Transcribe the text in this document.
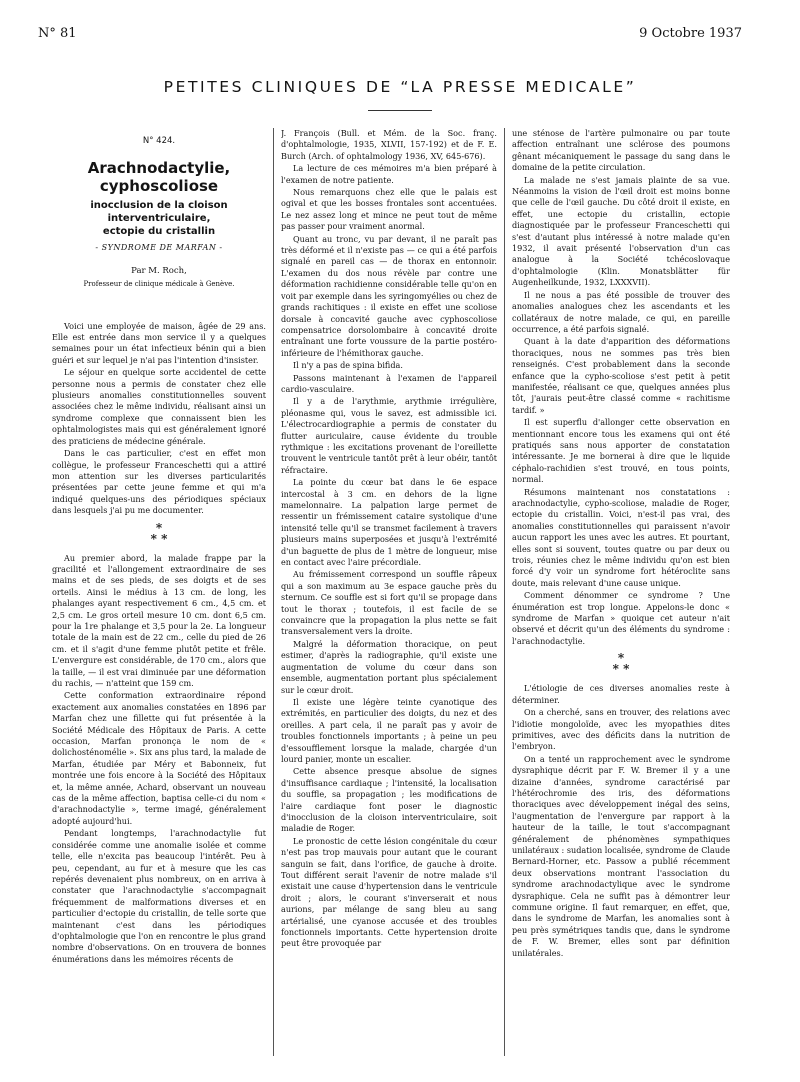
N° 81	9 Octobre 1937
PETITES CLINIQUES DE “LA PRESSE MEDICALE”
N° 424.
Arachnodactylie, cyphoscoliose
inocclusion de la cloison
interventriculaire,
ectopie du cristallin
- SYNDROME DE MARFAN -
Par M. Roch,
Professeur de clinique médicale à Genève.

Voici une employée de maison, âgée de 29 ans. Elle est entrée dans mon service il y a quelques semaines pour un état infectieux bénin qui a bien guéri et sur lequel je n'ai pas l'intention d'insister.

Le séjour en quelque sorte accidentel de cette personne nous a permis de constater chez elle plusieurs anomalies constitutionnelles souvent associées chez le même individu, réalisant ainsi un syndrome complexe que connaissent bien les ophtalmologistes mais qui est généralement ignoré des praticiens de médecine générale.

Dans le cas particulier, c'est en effet mon collègue, le professeur Franceschetti qui a attiré mon attention sur les diverses particularités présentées par cette jeune femme et qui m'a indiqué quelques-uns des périodiques spéciaux dans lesquels j'ai pu me documenter.

*
* *

Au premier abord, la malade frappe par la gracilité et l'allongement extraordinaire de ses mains et de ses pieds, de ses doigts et de ses orteils. Ainsi le médius à 13 cm. de long, les phalanges ayant respectivement 6 cm., 4,5 cm. et 2,5 cm. Le gros orteil mesure 10 cm. dont 6,5 cm. pour la 1re phalange et 3,5 pour la 2e. La longueur totale de la main est de 22 cm., celle du pied de 26 cm. et il s'agit d'une femme plutôt petite et frêle. L'envergure est considérable, de 170 cm., alors que la taille, — il est vrai diminuée par une déformation du rachis, — n'atteint que 159 cm.

Cette conformation extraordinaire répond exactement aux anomalies constatées en 1896 par Marfan chez une fillette qui fut présentée à la Société Médicale des Hôpitaux de Paris. A cette occasion, Marfan prononça le nom de « dolichosténomélie ». Six ans plus tard, la malade de Marfan, étudiée par Méry et Babonneix, fut montrée une fois encore à la Société des Hôpitaux et, la même année, Achard, observant un nouveau cas de la même affection, baptisa celle-ci du nom « d'arachnodactylie », terme imagé, généralement adopté aujourd'hui.

Pendant longtemps, l'arachnodactylie fut considérée comme une anomalie isolée et comme telle, elle n'excita pas beaucoup l'intérêt. Peu à peu, cependant, au fur et à mesure que les cas repérés devenaient plus nombreux, on en arriva à constater que l'arachnodactylie s'accompagnait fréquemment de malformations diverses et en particulier d'ectopie du cristallin, de telle sorte que maintenant c'est dans les périodiques d'ophtalmologie que l'on en rencontre le plus grand nombre d'observations. On en trouvera de bonnes énumérations dans les mémoires récents de

J. François (Bull. et Mém. de la Soc. franç. d'ophtalmologie, 1935, XLVII, 157-192) et de F. E. Burch (Arch. of ophtalmology 1936, XV, 645-676).

La lecture de ces mémoires m'a bien préparé à l'examen de notre patiente.

Nous remarquons chez elle que le palais est ogival et que les bosses frontales sont accentuées. Le nez assez long et mince ne peut tout de même pas passer pour vraiment anormal.

Quant au tronc, vu par devant, il ne paraît pas très déformé et il n'existe pas — ce qui a été parfois signalé en pareil cas — de thorax en entonnoir. L'examen du dos nous révèle par contre une déformation rachidienne considérable telle qu'on en voit par exemple dans les syringomyélies ou chez de grands rachitiques : il existe en effet une scoliose dorsale à concavité gauche avec cyphoscoliose compensatrice dorsolombaire à concavité droite entraînant une forte voussure de la partie postéro-inférieure de l'hémithorax gauche.

Il n'y a pas de spina bifida.

Passons maintenant à l'examen de l'appareil cardio-vasculaire.

Il y a de l'arythmie, arythmie irrégulière, pléonasme qui, vous le savez, est admissible ici. L'électrocardiographie a permis de constater du flutter auriculaire, cause évidente du trouble rythmique : les excitations provenant de l'oreillette trouvent le ventricule tantôt prêt à leur obéir, tantôt réfractaire.

La pointe du cœur bat dans le 6e espace intercostal à 3 cm. en dehors de la ligne mamelonnaire. La palpation large permet de ressentir un frémissement cataire systolique d'une intensité telle qu'il se transmet facilement à travers plusieurs mains superposées et jusqu'à l'extrémité d'un baguette de plus de 1 mètre de longueur, mise en contact avec l'aire précordiale.

Au frémissement correspond un souffle râpeux qui a son maximum au 3e espace gauche près du sternum. Ce souffle est si fort qu'il se propage dans tout le thorax ; toutefois, il est facile de se convaincre que la propagation la plus nette se fait transversalement vers la droite.

Malgré la déformation thoracique, on peut estimer, d'après la radiographie, qu'il existe une augmentation de volume du cœur dans son ensemble, augmentation portant plus spécialement sur le cœur droit.

Il existe une légère teinte cyanotique des extrémités, en particulier des doigts, du nez et des oreilles. A part cela, il ne paraît pas y avoir de troubles fonctionnels importants ; à peine un peu d'essoufflement lorsque la malade, chargée d'un lourd panier, monte un escalier.

Cette absence presque absolue de signes d'insuffisance cardiaque ; l'intensité, la localisation du souffle, sa propagation ; les modifications de l'aire cardiaque font poser le diagnostic d'inocclusion de la cloison interventriculaire, soit maladie de Roger.

Le pronostic de cette lésion congénitale du cœur n'est pas trop mauvais pour autant que le courant sanguin se fait, dans l'orifice, de gauche à droite. Tout différent serait l'avenir de notre malade s'il existait une cause d'hypertension dans le ventricule droit ; alors, le courant s'inverserait et nous aurions, par mélange de sang bleu au sang artérialisé, une cyanose accusée et des troubles fonctionnels importants. Cette hypertension droite peut être provoquée par

une sténose de l'artère pulmonaire ou par toute affection entraînant une sclérose des poumons gênant mécaniquement le passage du sang dans le domaine de la petite circulation.

La malade ne s'est jamais plainte de sa vue. Néanmoins la vision de l'œil droit est moins bonne que celle de l'œil gauche. Du côté droit il existe, en effet, une ectopie du cristallin, ectopie diagnostiquée par le professeur Franceschetti qui s'est d'autant plus intéressé à notre malade qu'en 1932, il avait présenté l'observation d'un cas analogue à la Société tchécoslovaque d'ophtalmologie (Klin. Monatsblätter für Augenheilkunde, 1932, LXXXVII).

Il ne nous a pas été possible de trouver des anomalies analogues chez les ascendants et les collatéraux de notre malade, ce qui, en pareille occurrence, a été parfois signalé.

Quant à la date d'apparition des déformations thoraciques, nous ne sommes pas très bien renseignés. C'est probablement dans la seconde enfance que la cypho-scoliose s'est petit à petit manifestée, réalisant ce que, quelques années plus tôt, j'aurais peut-être classé comme « rachitisme tardif. »

Il est superflu d'allonger cette observation en mentionnant encore tous les examens qui ont été pratiqués sans nous apporter de constatation intéressante. Je me bornerai à dire que le liquide céphalo-rachidien s'est trouvé, en tous points, normal.

Résumons maintenant nos constatations : arachnodactylie, cypho-scoliose, maladie de Roger, ectopie du cristallin. Voici, n'est-il pas vrai, des anomalies constitutionnelles qui paraissent n'avoir aucun rapport les unes avec les autres. Et pourtant, elles sont si souvent, toutes quatre ou par deux ou trois, réunies chez le même individu qu'on est bien forcé d'y voir un syndrome fort hétéroclite sans doute, mais relevant d'une cause unique.

Comment dénommer ce syndrome ? Une énumération est trop longue. Appelons-le donc « syndrome de Marfan » quoique cet auteur n'ait observé et décrit qu'un des éléments du syndrome : l'arachnodactylie.

*
* *

L'étiologie de ces diverses anomalies reste à déterminer.

On a cherché, sans en trouver, des relations avec l'idiotie mongoloïde, avec les myopathies dites primitives, avec des déficits dans la nutrition de l'embryon.

On a tenté un rapprochement avec le syndrome dysraphique décrit par F. W. Bremer il y a une dizaine d'années, syndrome caractérisé par l'hétérochromie des iris, des déformations thoraciques avec développement inégal des seins, l'augmentation de l'envergure par rapport à la hauteur de la taille, le tout s'accompagnant généralement de phénomènes sympathiques unilatéraux : sudation localisée, syndrome de Claude Bernard-Horner, etc. Passow a publié récemment deux observations montrant l'association du syndrome arachnodactylique avec le syndrome dysraphique. Cela ne suffit pas à démontrer leur commune origine. Il faut remarquer, en effet, que, dans le syndrome de Marfan, les anomalies sont à peu près symétriques tandis que, dans le syndrome de F. W. Bremer, elles sont par définition unilatérales.
